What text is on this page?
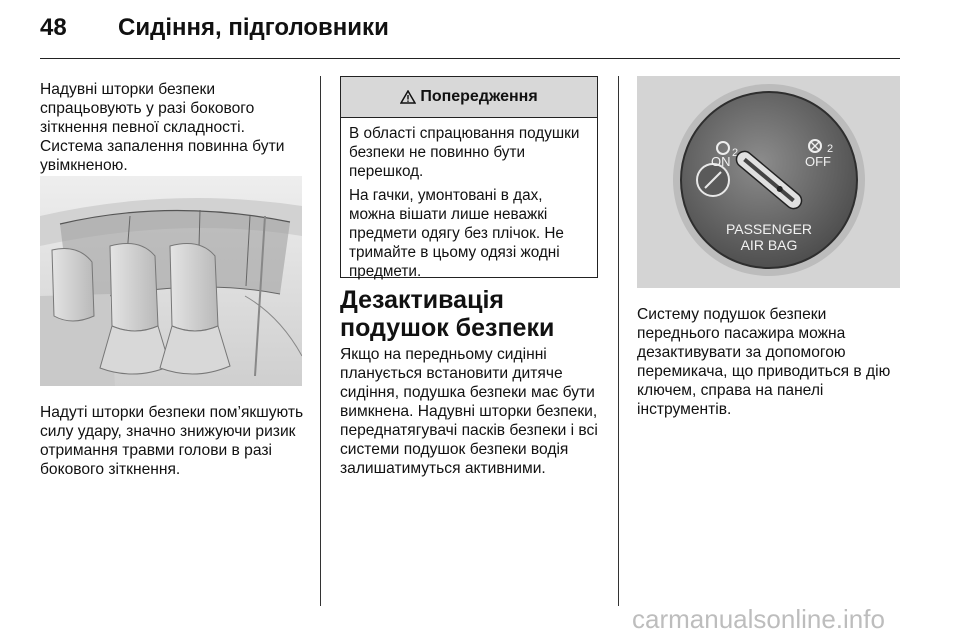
48 Сидіння, підголовники

Надувні шторки безпеки спрацьовують у разі бокового зіткнення певної складності. Система запалення повинна бути увімкненою.

Надуті шторки безпеки пом’якшують силу удару, значно знижуючи ризик отримання травми голови в разі бокового зіткнення.

Попередження

В області спрацювання подушки безпеки не повинно бути перешкод.

На гачки, умонтовані в дах, можна вішати лише неважкі предмети одягу без плічок. Не тримайте в цьому одязі жодні предмети.

Дезактивація подушок безпеки

Якщо на передньому сидінні планується встановити дитяче сидіння, подушка безпеки має бути вимкнена. Надувні шторки безпеки, переднатягувачі пасків безпеки і всі системи подушок безпеки водія залишатимуться активними.

2	2
ON	OFF
PASSENGER
AIR BAG

Систему подушок безпеки переднього пасажира можна дезактивувати за допомогою перемикача, що приводиться в дію ключем, справа на панелі інструментів.

carmanualsonline.info
